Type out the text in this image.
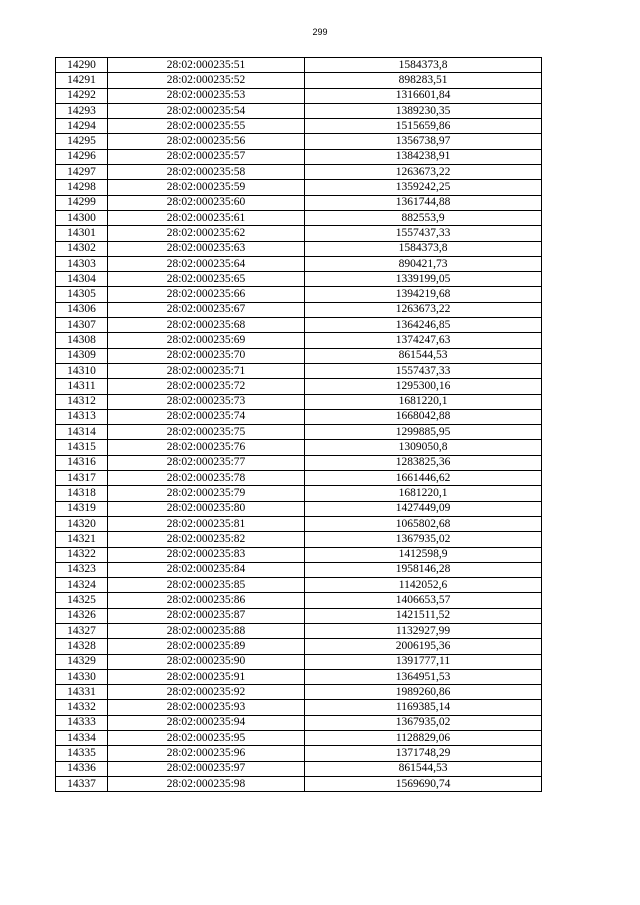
299
14290	28:02:000235:51	1584373,8
14291	28:02:000235:52	898283,51
14292	28:02:000235:53	1316601,84
14293	28:02:000235:54	1389230,35
14294	28:02:000235:55	1515659,86
14295	28:02:000235:56	1356738,97
14296	28:02:000235:57	1384238,91
14297	28:02:000235:58	1263673,22
14298	28:02:000235:59	1359242,25
14299	28:02:000235:60	1361744,88
14300	28:02:000235:61	882553,9
14301	28:02:000235:62	1557437,33
14302	28:02:000235:63	1584373,8
14303	28:02:000235:64	890421,73
14304	28:02:000235:65	1339199,05
14305	28:02:000235:66	1394219,68
14306	28:02:000235:67	1263673,22
14307	28:02:000235:68	1364246,85
14308	28:02:000235:69	1374247,63
14309	28:02:000235:70	861544,53
14310	28:02:000235:71	1557437,33
14311	28:02:000235:72	1295300,16
14312	28:02:000235:73	1681220,1
14313	28:02:000235:74	1668042,88
14314	28:02:000235:75	1299885,95
14315	28:02:000235:76	1309050,8
14316	28:02:000235:77	1283825,36
14317	28:02:000235:78	1661446,62
14318	28:02:000235:79	1681220,1
14319	28:02:000235:80	1427449,09
14320	28:02:000235:81	1065802,68
14321	28:02:000235:82	1367935,02
14322	28:02:000235:83	1412598,9
14323	28:02:000235:84	1958146,28
14324	28:02:000235:85	1142052,6
14325	28:02:000235:86	1406653,57
14326	28:02:000235:87	1421511,52
14327	28:02:000235:88	1132927,99
14328	28:02:000235:89	2006195,36
14329	28:02:000235:90	1391777,11
14330	28:02:000235:91	1364951,53
14331	28:02:000235:92	1989260,86
14332	28:02:000235:93	1169385,14
14333	28:02:000235:94	1367935,02
14334	28:02:000235:95	1128829,06
14335	28:02:000235:96	1371748,29
14336	28:02:000235:97	861544,53
14337	28:02:000235:98	1569690,74
